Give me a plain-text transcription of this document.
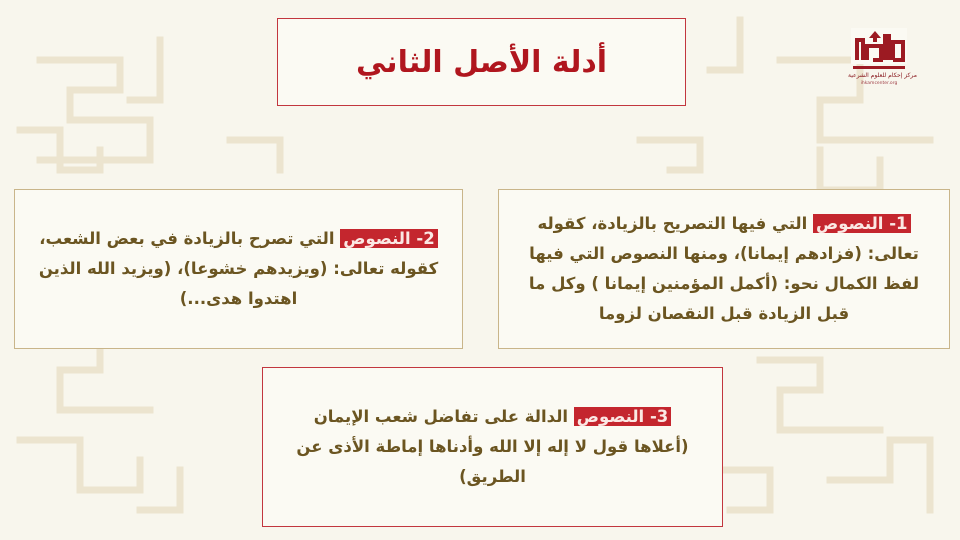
مركز إحكام للعلوم الشرعية
ihkamcenter.org
أدلة الأصل الثاني

1- النصوص التي فيها التصريح بالزيادة، كقوله تعالى: (فزادهم إيمانا)، ومنها النصوص التي فيها لفظ الكمال نحو: (أكمل المؤمنين إيمانا ) وكل ما قبل الزيادة قبل النقصان لزوما

2- النصوص التي تصرح بالزيادة في بعض الشعب، كقوله تعالى: (ويزيدهم خشوعا)، (ويزيد الله الذين اهتدوا هدى...)

3- النصوص الدالة على تفاضل شعب الإيمان (أعلاها قول لا إله إلا الله وأدناها إماطة الأذى عن الطريق)
